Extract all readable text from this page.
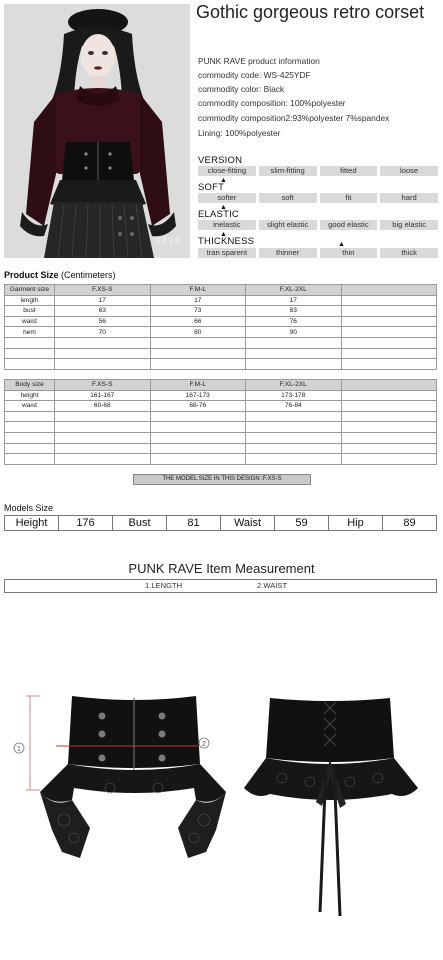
RAVE
Gothic gorgeous retro corset
PUNK RAVE product information
commodity code: WS-425YDF
commodity color: Black
commodity composition: 100%polyester
commodity composition2:93%polyester 7%spandex
Lining: 100%polyester
VERSION
close-fitting	slim-fitting	fitted	loose
▲
SOFT
softer	soft	fit	hard
▲
ELASTIC
inelastic	slight elastic	good elastic	big elastic
▲
THICKNESS	▲
tran sparent	thinner	thin	thick
Product Size (Centimeters)
Garment size	F.XS-S	F.M-L	F.XL-2XL	
length	17	17	17	
bust	63	73	83	
waist	56	66	76	
hem	70	80	90	

Body size	F.XS-S	F.M-L	F.XL-2XL	
height	161-167	167-173	173-178	
waist	60-68	68-76	76-84	

THE MODEL SIZE IN THIS DESIGN :F.XS-S
Models Size
Height	176	Bust	81	Waist	59	Hip	89
PUNK RAVE Item Measurement
1.LENGTH	2.WAIST
1
2
